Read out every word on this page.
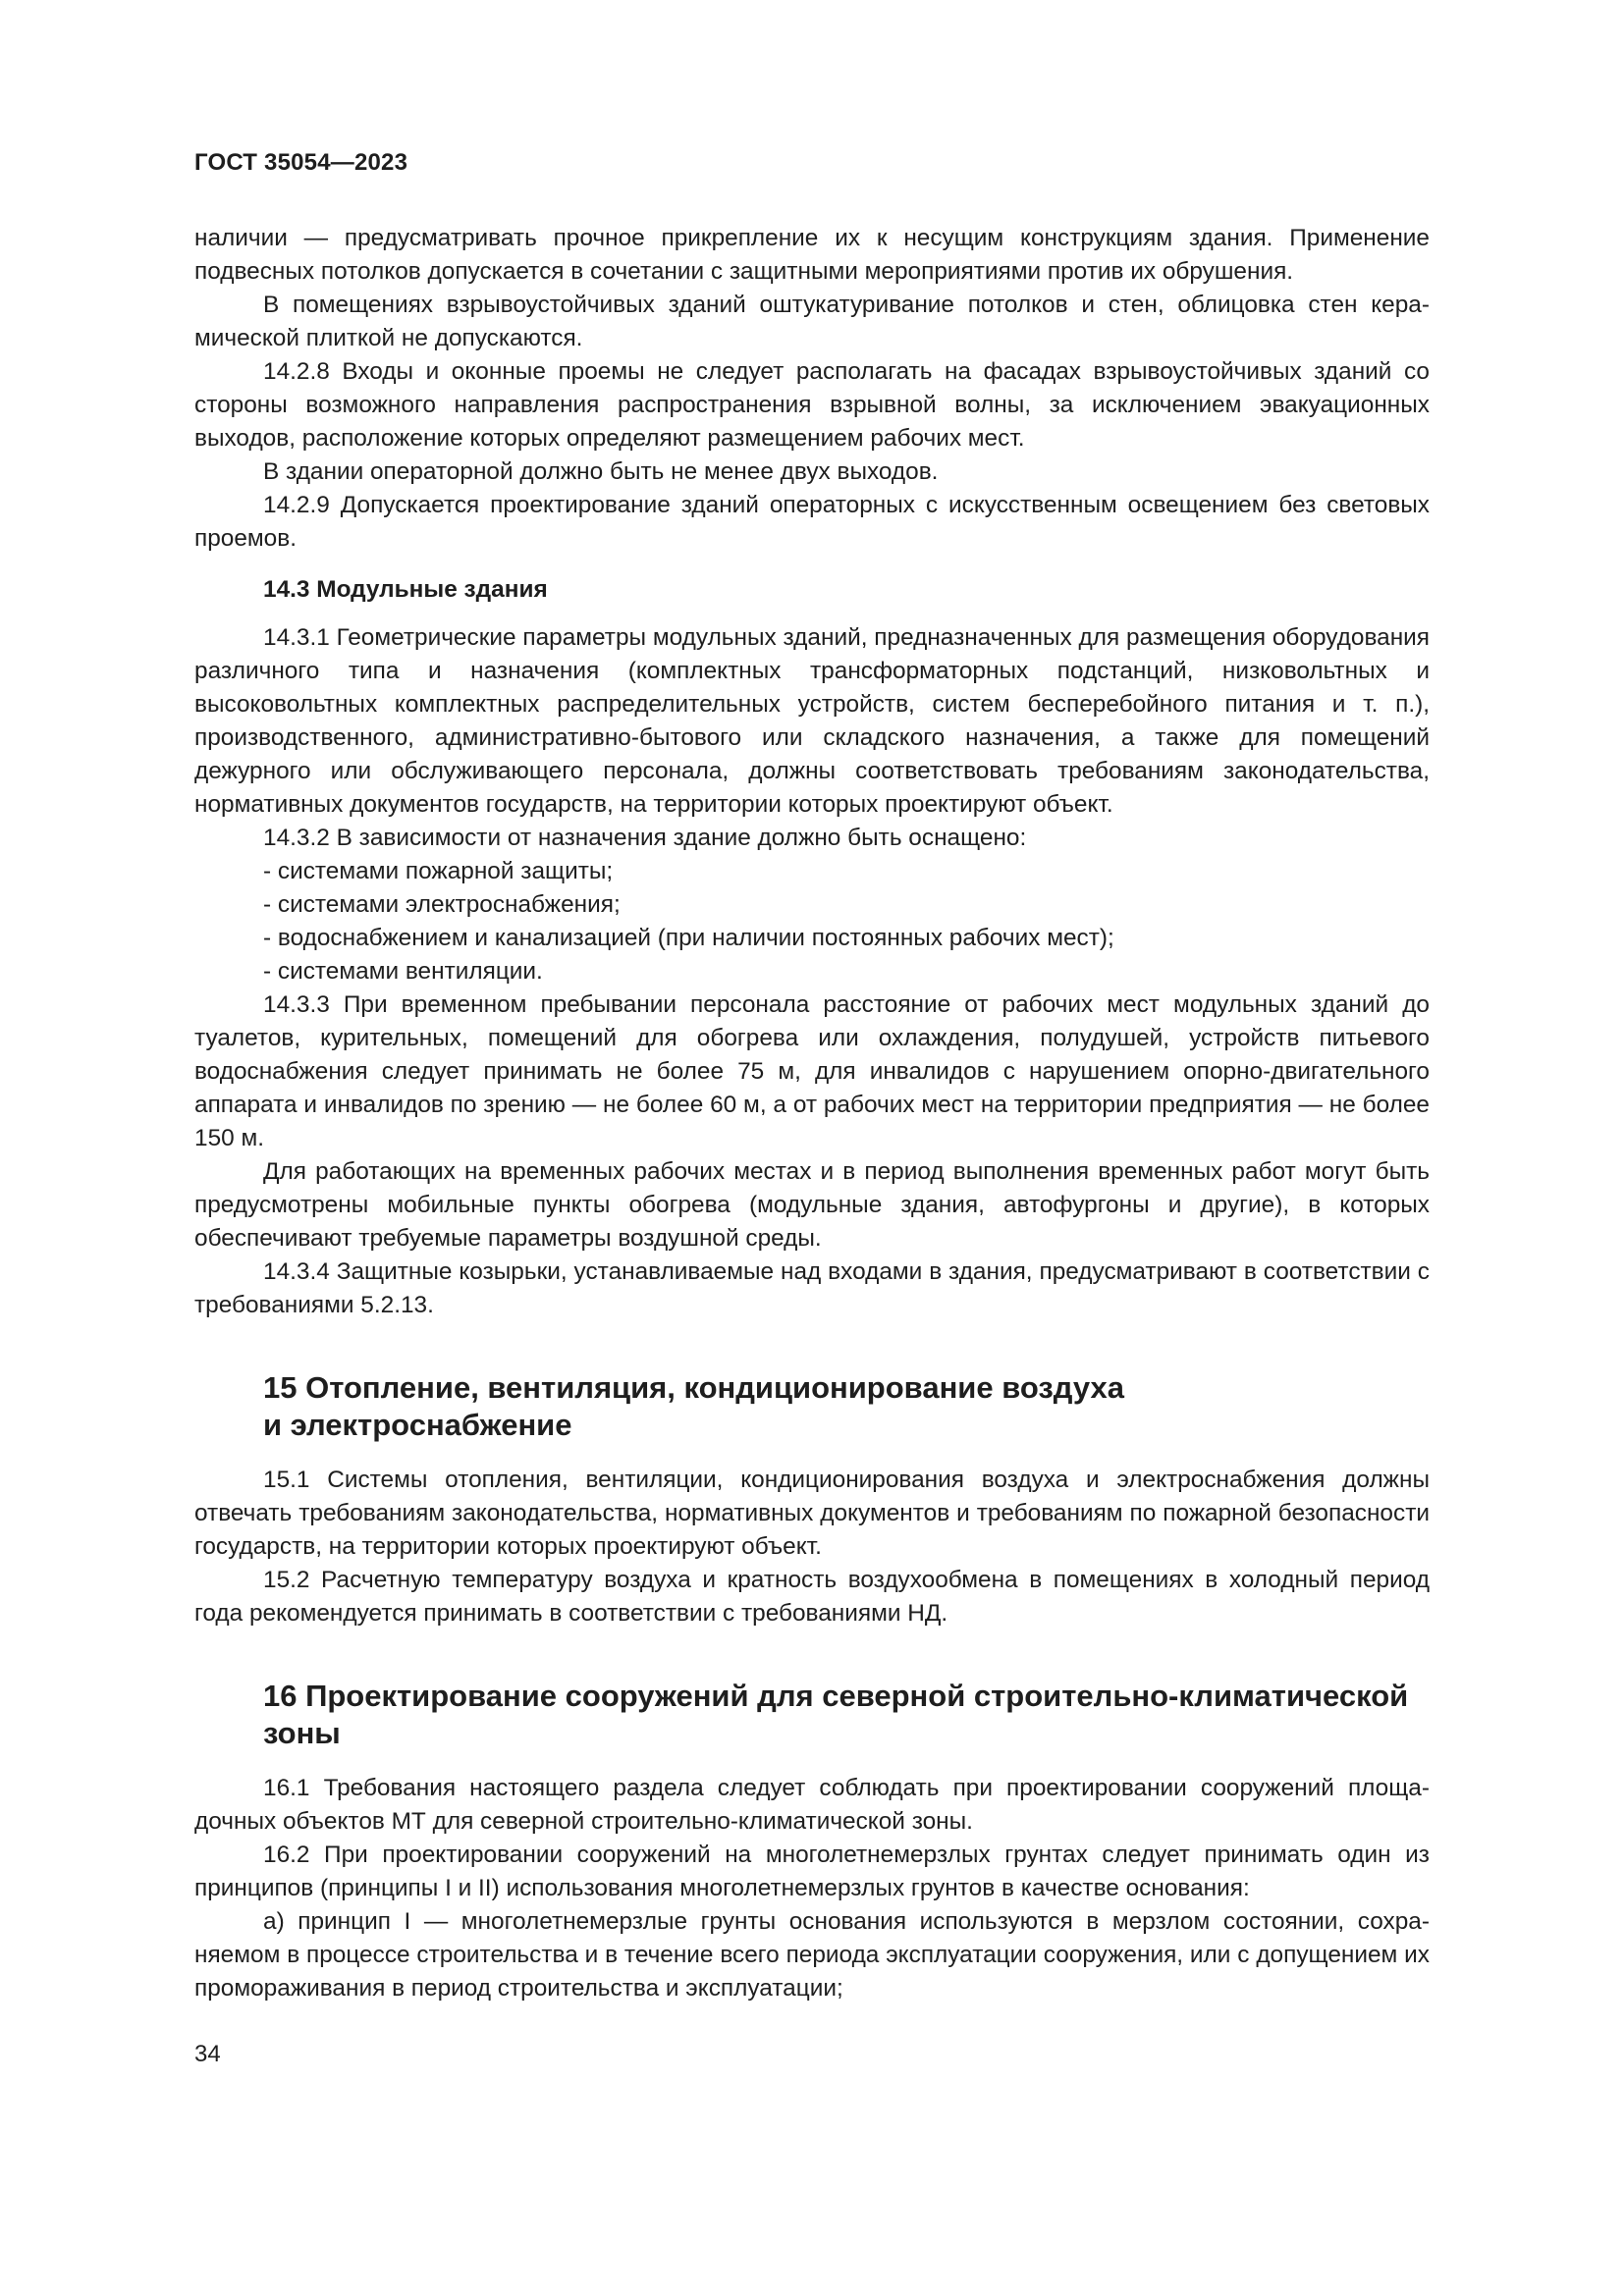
ГОСТ 35054—2023

наличии — предусматривать прочное прикрепление их к несущим конструкциям здания. Применение подвесных потолков допускается в сочетании с защитными мероприятиями против их обрушения.

В помещениях взрывоустойчивых зданий оштукатуривание потолков и стен, облицовка стен керамической плиткой не допускаются.

14.2.8 Входы и оконные проемы не следует располагать на фасадах взрывоустойчивых зданий со стороны возможного направления распространения взрывной волны, за исключением эвакуационных выходов, расположение которых определяют размещением рабочих мест.

В здании операторной должно быть не менее двух выходов.

14.2.9 Допускается проектирование зданий операторных с искусственным освещением без световых проемов.

14.3 Модульные здания

14.3.1 Геометрические параметры модульных зданий, предназначенных для размещения оборудования различного типа и назначения (комплектных трансформаторных подстанций, низковольтных и высоковольтных комплектных распределительных устройств, систем бесперебойного питания и т. п.), производственного, административно-бытового или складского назначения, а также для помещений дежурного или обслуживающего персонала, должны соответствовать требованиям законодательства, нормативных документов государств, на территории которых проектируют объект.

14.3.2 В зависимости от назначения здание должно быть оснащено:

- системами пожарной защиты;

- системами электроснабжения;

- водоснабжением и канализацией (при наличии постоянных рабочих мест);

- системами вентиляции.

14.3.3 При временном пребывании персонала расстояние от рабочих мест модульных зданий до туалетов, курительных, помещений для обогрева или охлаждения, полудушей, устройств питьевого водоснабжения следует принимать не более 75 м, для инвалидов с нарушением опорно-двигательного аппарата и инвалидов по зрению — не более 60 м, а от рабочих мест на территории предприятия — не более 150 м.

Для работающих на временных рабочих местах и в период выполнения временных работ могут быть предусмотрены мобильные пункты обогрева (модульные здания, автофургоны и другие), в которых обеспечивают требуемые параметры воздушной среды.

14.3.4 Защитные козырьки, устанавливаемые над входами в здания, предусматривают в соответствии с требованиями 5.2.13.

15 Отопление, вентиляция, кондиционирование воздуха
и электроснабжение

15.1 Системы отопления, вентиляции, кондиционирования воздуха и электроснабжения должны отвечать требованиям законодательства, нормативных документов и требованиям по пожарной безопасности государств, на территории которых проектируют объект.

15.2 Расчетную температуру воздуха и кратность воздухообмена в помещениях в холодный период года рекомендуется принимать в соответствии с требованиями НД.

16 Проектирование сооружений для северной строительно-климатической
зоны

16.1 Требования настоящего раздела следует соблюдать при проектировании сооружений площадочных объектов МТ для северной строительно-климатической зоны.

16.2 При проектировании сооружений на многолетнемерзлых грунтах следует принимать один из принципов (принципы I и II) использования многолетнемерзлых грунтов в качестве основания:

а) принцип I — многолетнемерзлые грунты основания используются в мерзлом состоянии, сохраняемом в процессе строительства и в течение всего периода эксплуатации сооружения, или с допущением их промораживания в период строительства и эксплуатации;

34
